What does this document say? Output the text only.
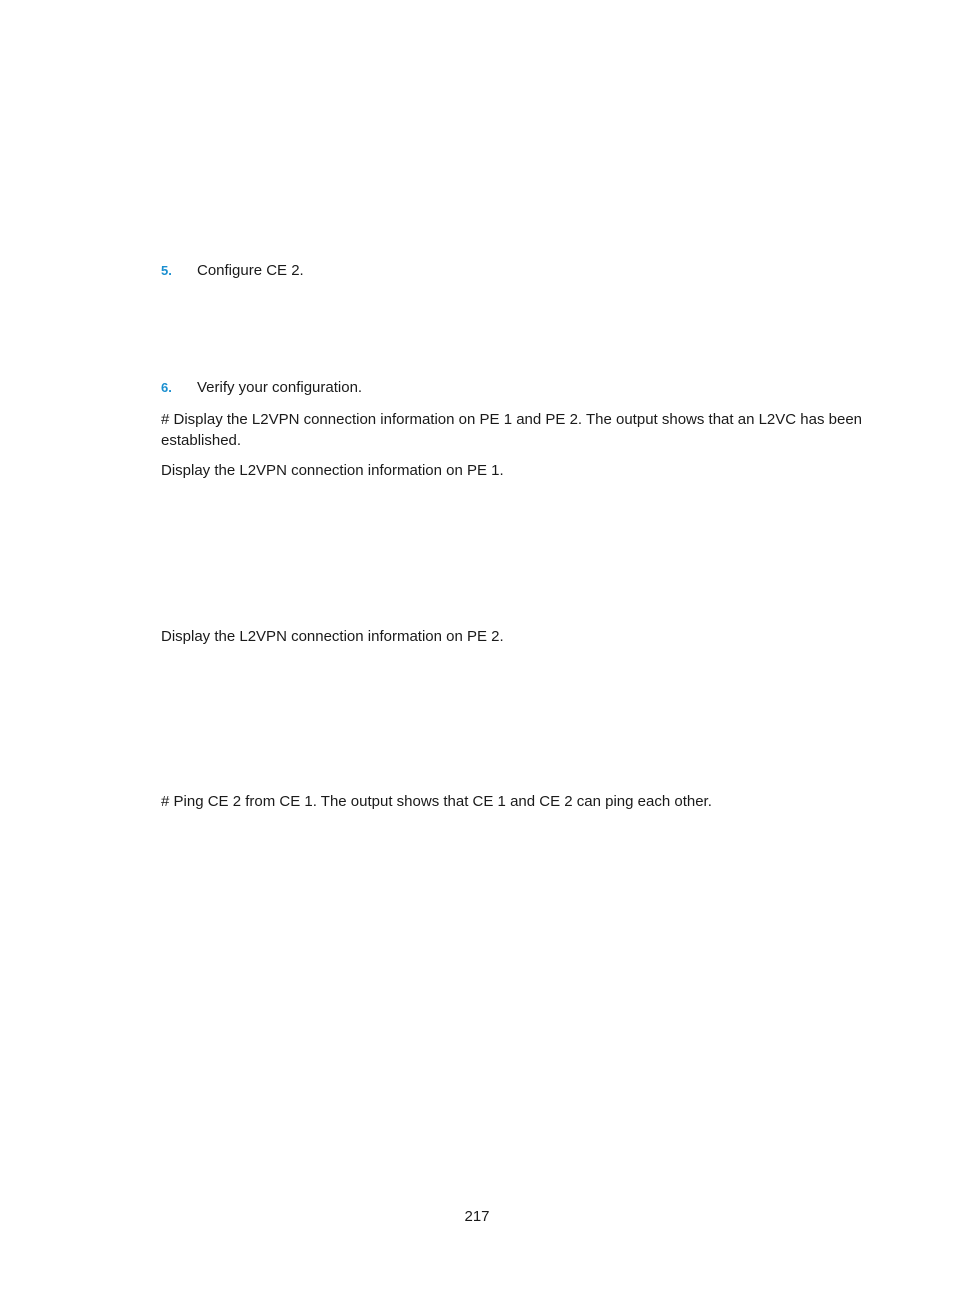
5.	Configure CE 2.
6.	Verify your configuration.
# Display the L2VPN connection information on PE 1 and PE 2. The output shows that an L2VC has been established.
Display the L2VPN connection information on PE 1.
Display the L2VPN connection information on PE 2.
# Ping CE 2 from CE 1. The output shows that CE 1 and CE 2 can ping each other.
217
